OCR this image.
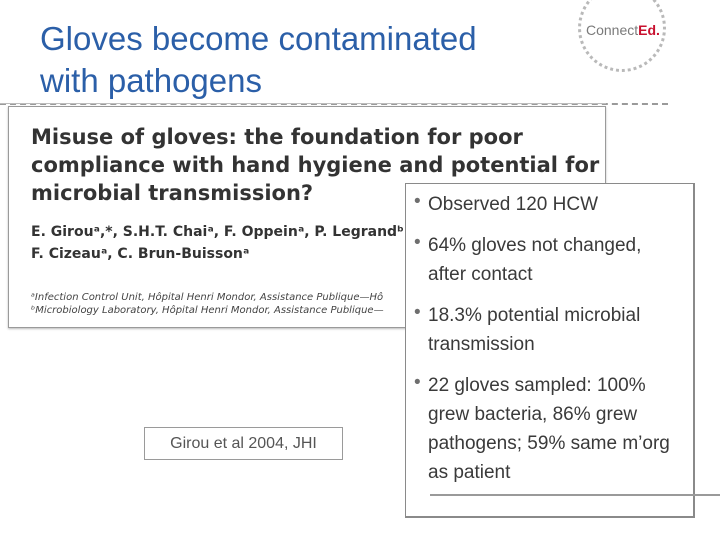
Gloves become contaminated
with pathogens
ConnectEd.
Misuse of gloves: the foundation for poor compliance with hand hygiene and potential for microbial transmission?
E. Girouᵃ,*, S.H.T. Chaiᵃ, F. Oppeinᵃ, P. Legrandᵇ
F. Cizeauᵃ, C. Brun-Buissonᵃ
ᵃInfection Control Unit, Hôpital Henri Mondor, Assistance Publique—Hô
ᵇMicrobiology Laboratory, Hôpital Henri Mondor, Assistance Publique—
• Observed 120 HCW
• 64% gloves not changed, after contact
• 18.3% potential microbial transmission
• 22 gloves sampled: 100% grew bacteria, 86% grew pathogens; 59% same m’org as patient
Girou et al 2004, JHI
